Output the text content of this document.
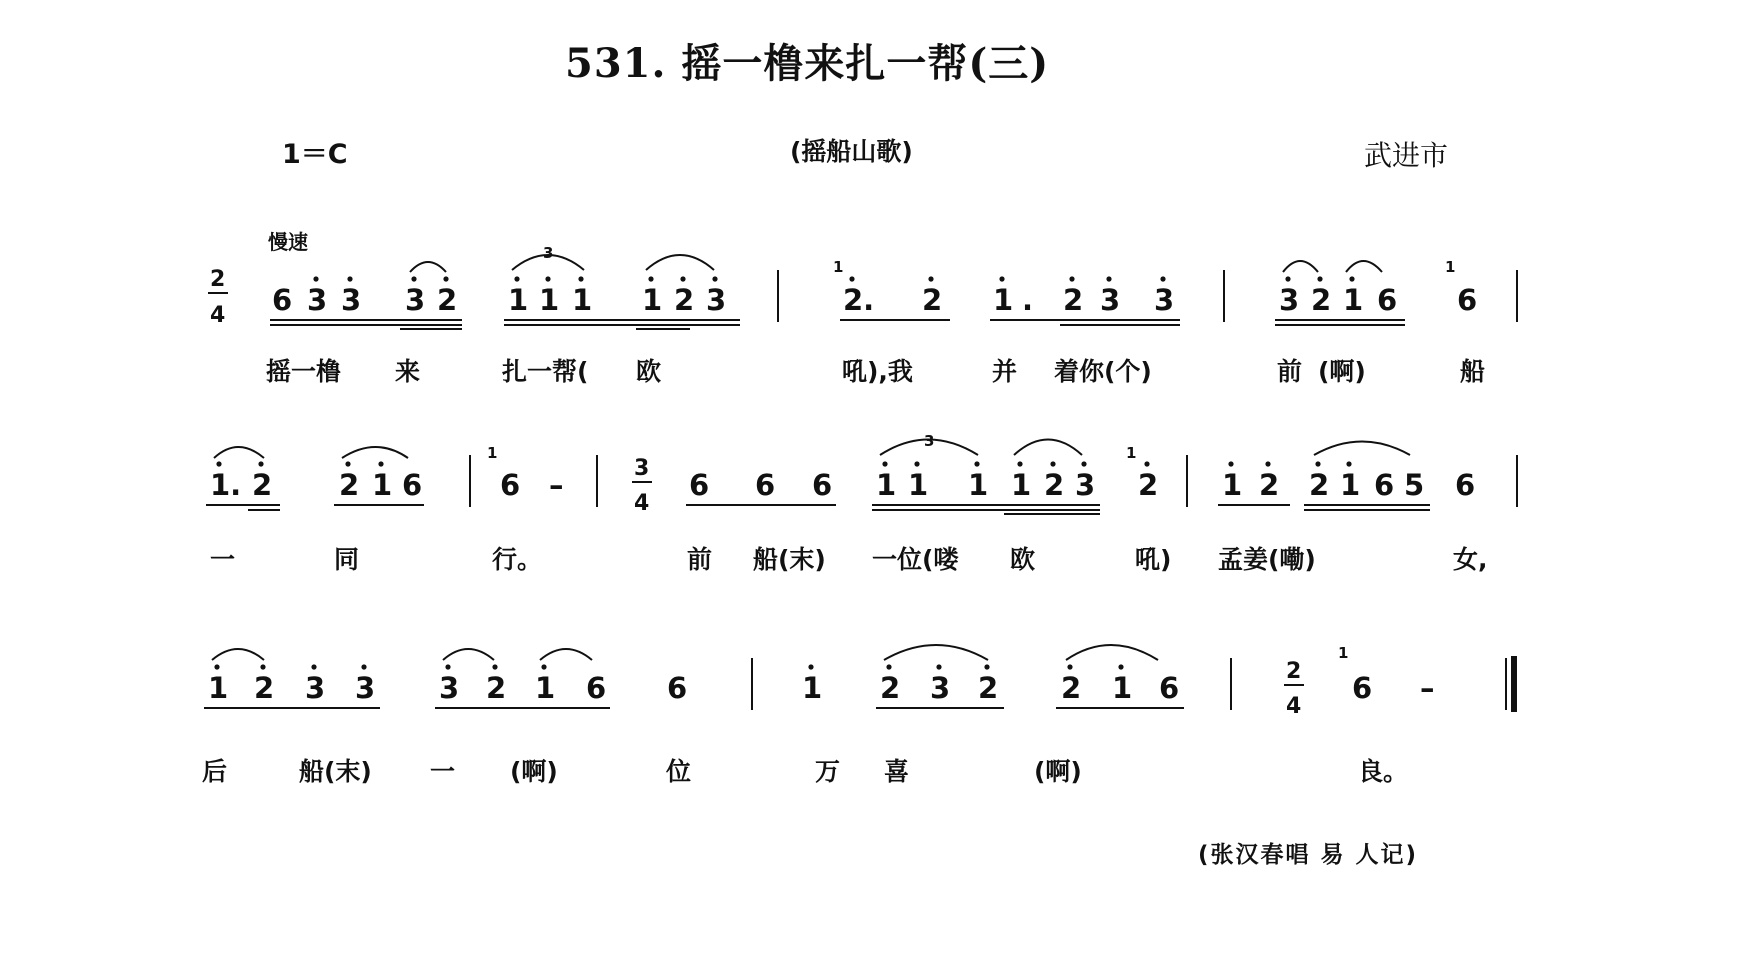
531. 摇一橹来扎一帮(三)
1＝C	(摇船山歌)	武进市
慢速
(张汉春唱 易 人记)
2
4 6 3 3 3 2 1 1 1 1 2 3
3
1
2. 2 1 . 2 3 3	3 2 1 6
1
6
1. 2 2 1 6
1
6 –	3
4
6 6 6 1 1 1 1 2 3
3
1
2 1 2 2 1 6 5 6
1 2 3 3 3 2 1 6 6	1 2 3 2 2 1 6	2
4
1
6 –
摇一橹 来	扎一帮( 欧	吼),我	并 着你(个)	前 (啊)	船
一	同	行。	前 船(末) 一位(喽 欧	吼) 孟姜(嘞)	女,
后	船(末) 一 (啊)	位	万 喜	(啊)	良。
